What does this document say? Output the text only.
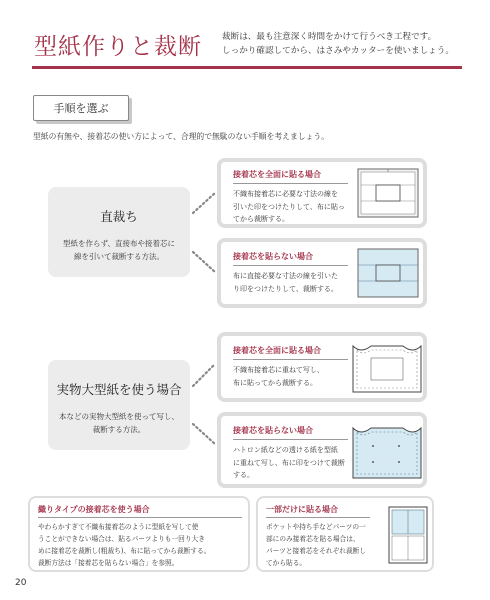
型紙作りと裁断 裁断は、最も注意深く時間をかけて行うべき工程です。
しっかり確認してから、はさみやカッターを使いましょう。
手順を選ぶ
型紙の有無や、接着芯の使い方によって、合理的で無駄のない手順を考えましょう。
直裁ち
型紙を作らず、直接布や接着芯に
線を引いて裁断する方法。
実物大型紙を使う場合
本などの実物大型紙を使って写し、
裁断する方法。
接着芯を全面に貼る場合
不織布接着芯に必要な寸法の線を
引いた印をつけたりして、布に貼っ
てから裁断する。
接着芯を貼らない場合
布に直接必要な寸法の線を引いた
り印をつけたりして、裁断する。
接着芯を全面に貼る場合
不織布接着芯に重ねて写し、
布に貼ってから裁断する。
接着芯を貼らない場合
ハトロン紙などの透ける紙を型紙
に重ねて写し、布に印をつけて裁断
する。
織りタイプの接着芯を使う場合
やわらかすぎて不織布接着芯のように型紙を写して使
うことができない場合は、貼るパーツよりも一回り大き
めに接着芯を裁断し(粗裁ち)、布に貼ってから裁断する。
裁断方法は「接着芯を貼らない場合」を参照。
一部だけに貼る場合
ポケットや持ち手などパーツの一
部にのみ接着芯を貼る場合は、
パーツと接着芯をそれぞれ裁断し
てから貼る。
20
